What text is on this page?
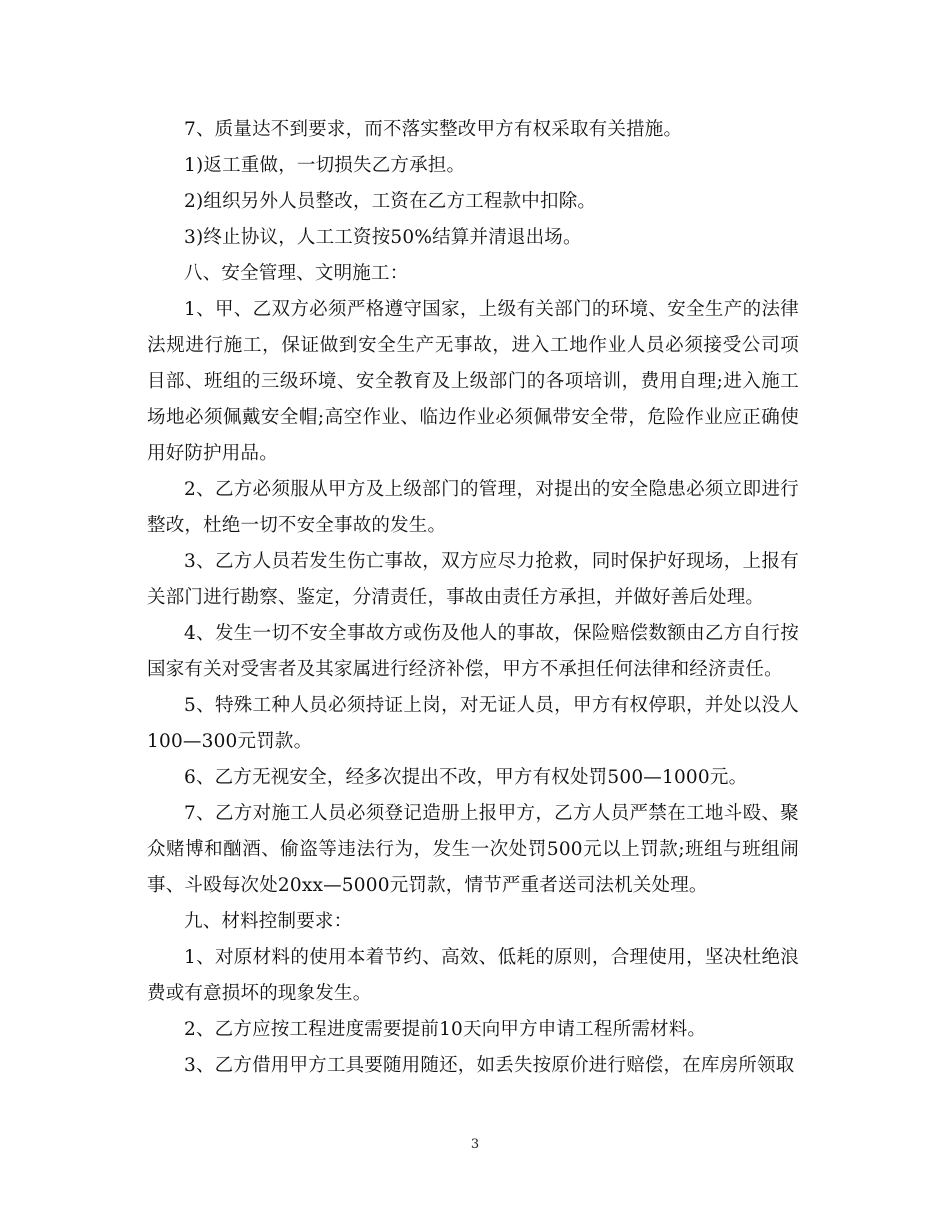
7、质量达不到要求，而不落实整改甲方有权采取有关措施。

1)返工重做，一切损失乙方承担。

2)组织另外人员整改，工资在乙方工程款中扣除。

3)终止协议，人工工资按50%结算并清退出场。

八、安全管理、文明施工：

1、甲、乙双方必须严格遵守国家，上级有关部门的环境、安全生产的法律法规进行施工，保证做到安全生产无事故，进入工地作业人员必须接受公司项目部、班组的三级环境、安全教育及上级部门的各项培训，费用自理;进入施工场地必须佩戴安全帽;高空作业、临边作业必须佩带安全带，危险作业应正确使用好防护用品。

2、乙方必须服从甲方及上级部门的管理，对提出的安全隐患必须立即进行整改，杜绝一切不安全事故的发生。

3、乙方人员若发生伤亡事故，双方应尽力抢救，同时保护好现场，上报有关部门进行勘察、鉴定，分清责任，事故由责任方承担，并做好善后处理。

4、发生一切不安全事故方或伤及他人的事故，保险赔偿数额由乙方自行按国家有关对受害者及其家属进行经济补偿，甲方不承担任何法律和经济责任。

5、特殊工种人员必须持证上岗，对无证人员，甲方有权停职，并处以没人100—300元罚款。

6、乙方无视安全，经多次提出不改，甲方有权处罚500—1000元。

7、乙方对施工人员必须登记造册上报甲方，乙方人员严禁在工地斗殴、聚众赌博和酗酒、偷盗等违法行为，发生一次处罚500元以上罚款;班组与班组闹事、斗殴每次处20xx—5000元罚款，情节严重者送司法机关处理。

九、材料控制要求：

1、对原材料的使用本着节约、高效、低耗的原则，合理使用，坚决杜绝浪费或有意损坏的现象发生。

2、乙方应按工程进度需要提前10天向甲方申请工程所需材料。

3、乙方借用甲方工具要随用随还，如丢失按原价进行赔偿，在库房所领取

3
